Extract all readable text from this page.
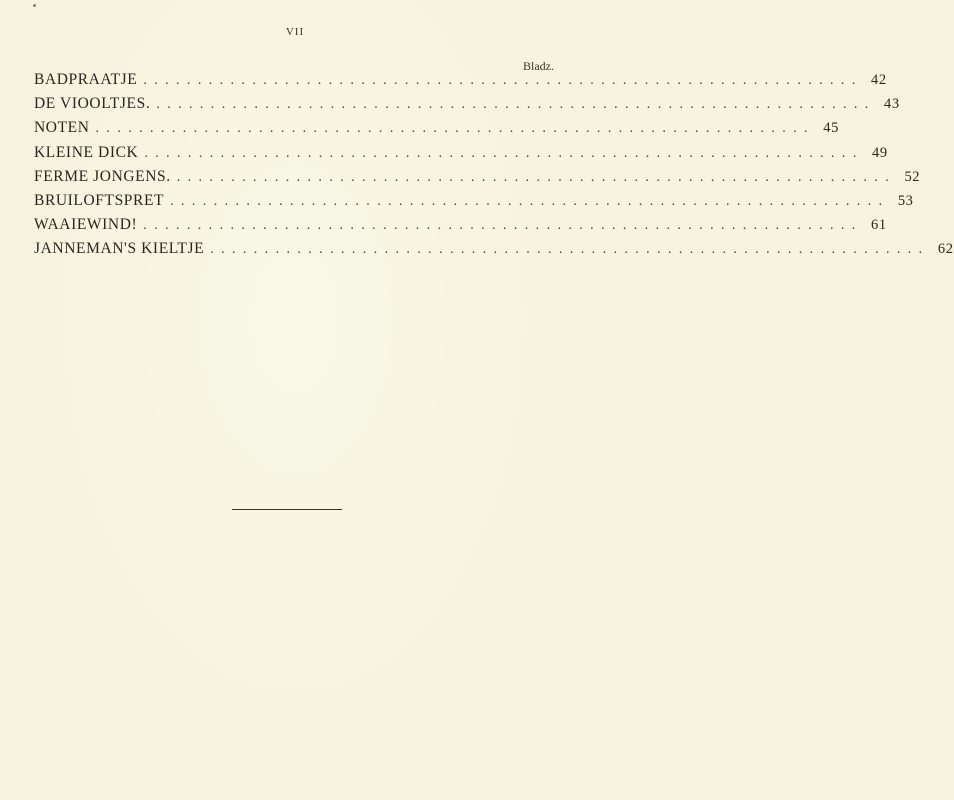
VII
Bladz.
BADPRAATJE .................................................................. 42
DE VIOOLTJES. .................................................................. 43
NOTEN .................................................................. 45
KLEINE DICK .................................................................. 49
FERME JONGENS. .................................................................. 52
BRUILOFTSPRET .................................................................. 53
WAAIEWIND! .................................................................. 61
JANNEMAN'S KIELTJE .................................................................. 62
